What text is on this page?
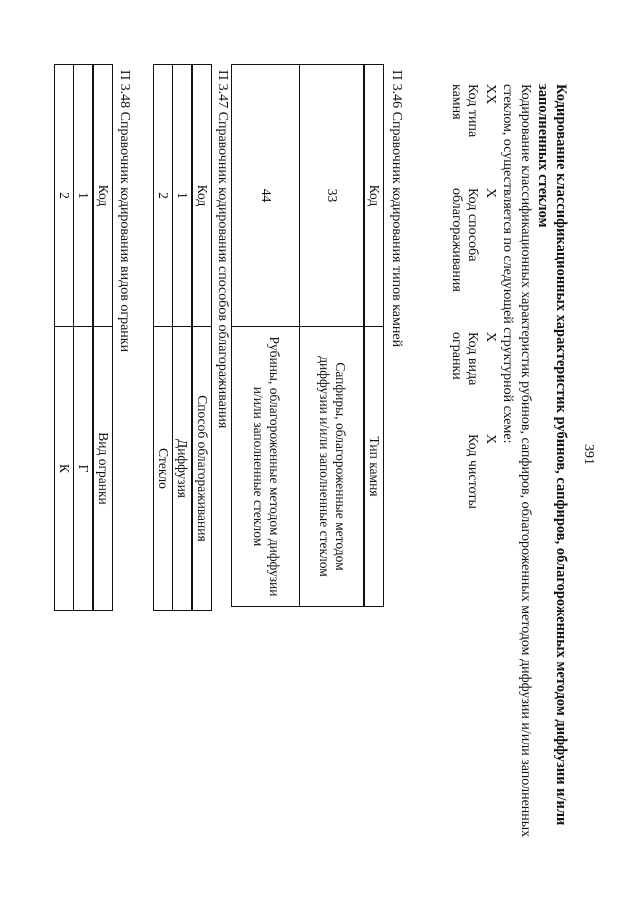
391
Кодирование классификационных характеристик рубинов, сапфиров, облагороженных методом диффузии и/или заполненных стеклом
Кодирование классификационных характеристик рубинов, сапфиров, облагороженных методом диффузии и/или заполненных стеклом, осуществляется по следующей структурной схеме:
ХХ
Код типа камня
Х
Код способа облагораживания
Х
Код вида огранки
Х
Код чистоты
П 3.46 Справочник кодирования типов камней
Код	Тип камня
33	Сапфиры, облагороженные методом диффузии и/или заполненные стеклом
44	Рубины, облагороженные методом диффузии и/или заполненные стеклом
П 3.47 Справочник кодирования способов облагораживания
Код	Способ облагораживания
1	Диффузия
2	Стекло
П 3.48 Справочник кодирования видов огранки
Код	Вид огранки
1	Г
2	К
